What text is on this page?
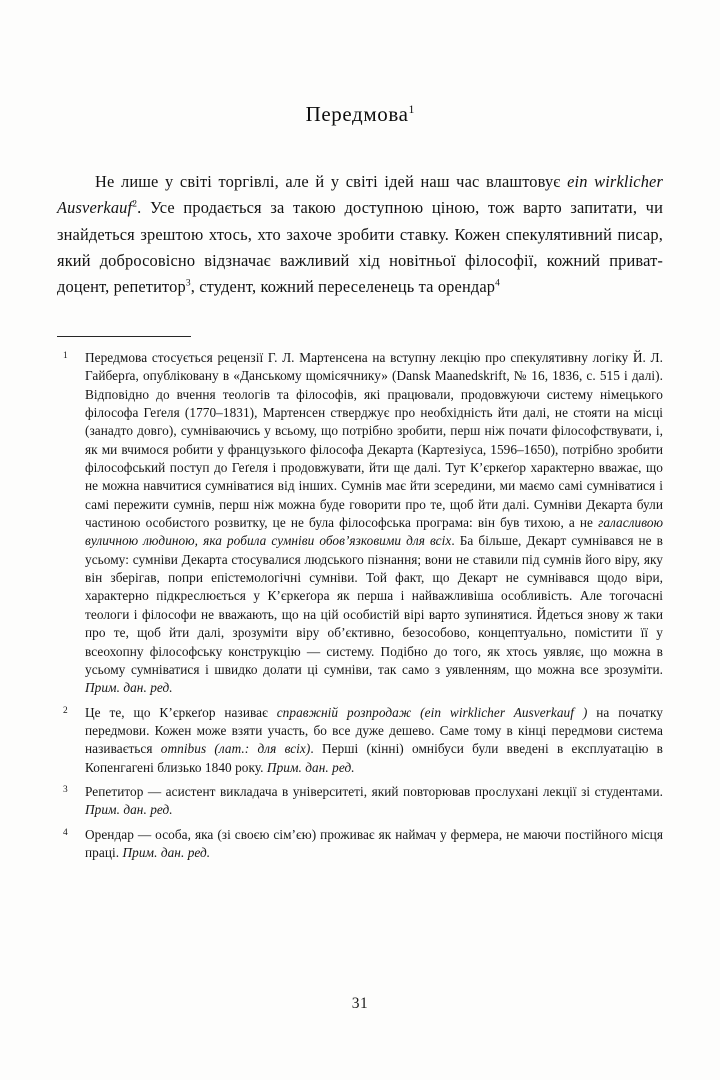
Передмова$^1$

Не лише у світі торгівлі, але й у світі ідей наш час влаштовує ein wirklicher Ausverkauf$^2$. Усе продається за такою доступною ціною, тож варто запитати, чи знайдеться зрештою хтось, хто захоче зробити ставку. Кожен спекулятивний писар, який добросовісно відзначає важливий хід новітньої філософії, кожний приват-доцент, репетитор$^3$, студент, кожний переселенець та орендар$^4$

1 Передмова стосується рецензії Г. Л. Мартенсена на вступну лекцію про спекулятивну логіку Й. Л. Гайберґа, опубліковану в «Данському щомісячнику» (Dansk Maanedskrift, № 16, 1836, с. 515 і далі). Відповідно до вчення теологів та філософів, які працювали, продовжуючи систему німецького філософа Геґеля (1770–1831), Мартенсен стверджує про необхідність йти далі, не стояти на місці (занадто довго), сумніваючись у всьому, що потрібно зробити, перш ніж почати філософствувати, і, як ми вчимося робити у французького філософа Декарта (Картезіуса, 1596–1650), потрібно зробити філософський поступ до Геґеля і продовжувати, йти ще далі. Тут К’єркеґор характерно вважає, що не можна навчитися сумніватися від інших. Сумнів має йти зсередини, ми маємо самі сумніватися і самі пережити сумнів, перш ніж можна буде говорити про те, щоб йти далі. Сумніви Декарта були частиною особистого розвитку, це не була філософська програма: він був тихою, а не галасливою вуличною людиною, яка робила сумніви обов’язковими для всіх. Ба більше, Декарт сумнівався не в усьому: сумніви Декарта стосувалися людського пізнання; вони не ставили під сумнів його віру, яку він зберігав, попри епістемологічні сумніви. Той факт, що Декарт не сумнівався щодо віри, характерно підкреслюється у К’єркеґора як перша і найважливіша особливість. Але тогочасні теологи і філософи не вважають, що на цій особистій вірі варто зупинятися. Йдеться знову ж таки про те, щоб йти далі, зрозуміти віру об’єктивно, безособово, концептуально, помістити її у всеохопну філософську конструкцію — систему. Подібно до того, як хтось уявляє, що можна в усьому сумніватися і швидко долати ці сумніви, так само з уявленням, що можна все зрозуміти. Прим. дан. ред.
2 Це те, що К’єркеґор називає справжній розпродаж (ein wirklicher Ausverkauf ) на початку передмови. Кожен може взяти участь, бо все дуже дешево. Саме тому в кінці передмови система називається omnibus (лат.: для всіх). Перші (кінні) омнібуси були введені в експлуатацію в Копенгагені близько 1840 року. Прим. дан. ред.
3 Репетитор — асистент викладача в університеті, який повторював прослухані лекції зі студентами. Прим. дан. ред.
4 Орендар — особа, яка (зі своєю сім’єю) проживає як наймач у фермера, не маючи постійного місця праці. Прим. дан. ред.
31
